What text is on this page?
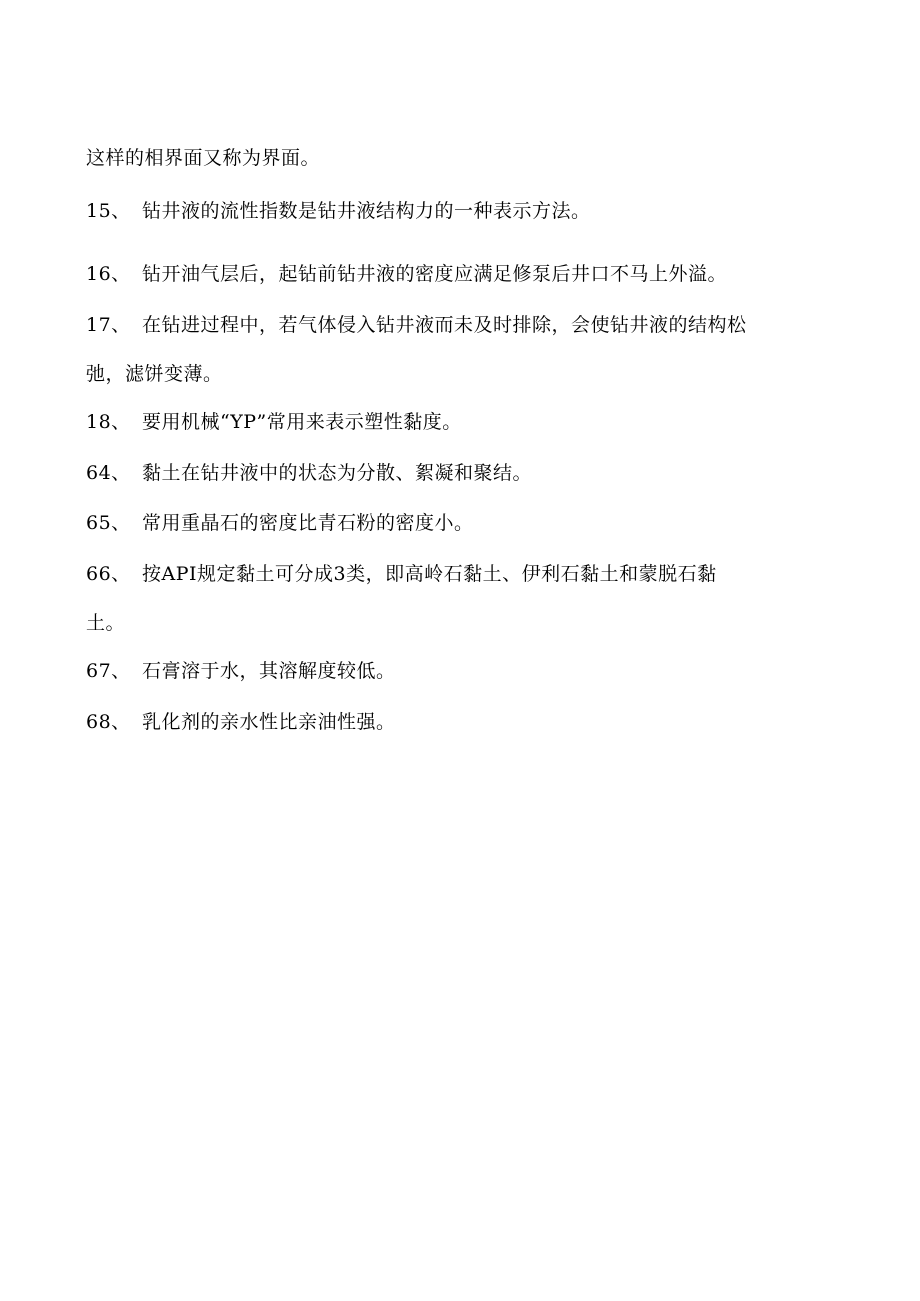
这样的相界面又称为界面。
15、 钻井液的流性指数是钻井液结构力的一种表示方法。
16、 钻开油气层后，起钻前钻井液的密度应满足修泵后井口不马上外溢。
17、 在钻进过程中，若气体侵入钻井液而未及时排除，会使钻井液的结构松
弛，滤饼变薄。
18、 要用机械“YP”常用来表示塑性黏度。
64、 黏土在钻井液中的状态为分散、絮凝和聚结。
65、 常用重晶石的密度比青石粉的密度小。
66、 按API规定黏土可分成3类，即高岭石黏土、伊利石黏土和蒙脱石黏
土。
67、 石膏溶于水，其溶解度较低。
68、 乳化剂的亲水性比亲油性强。
